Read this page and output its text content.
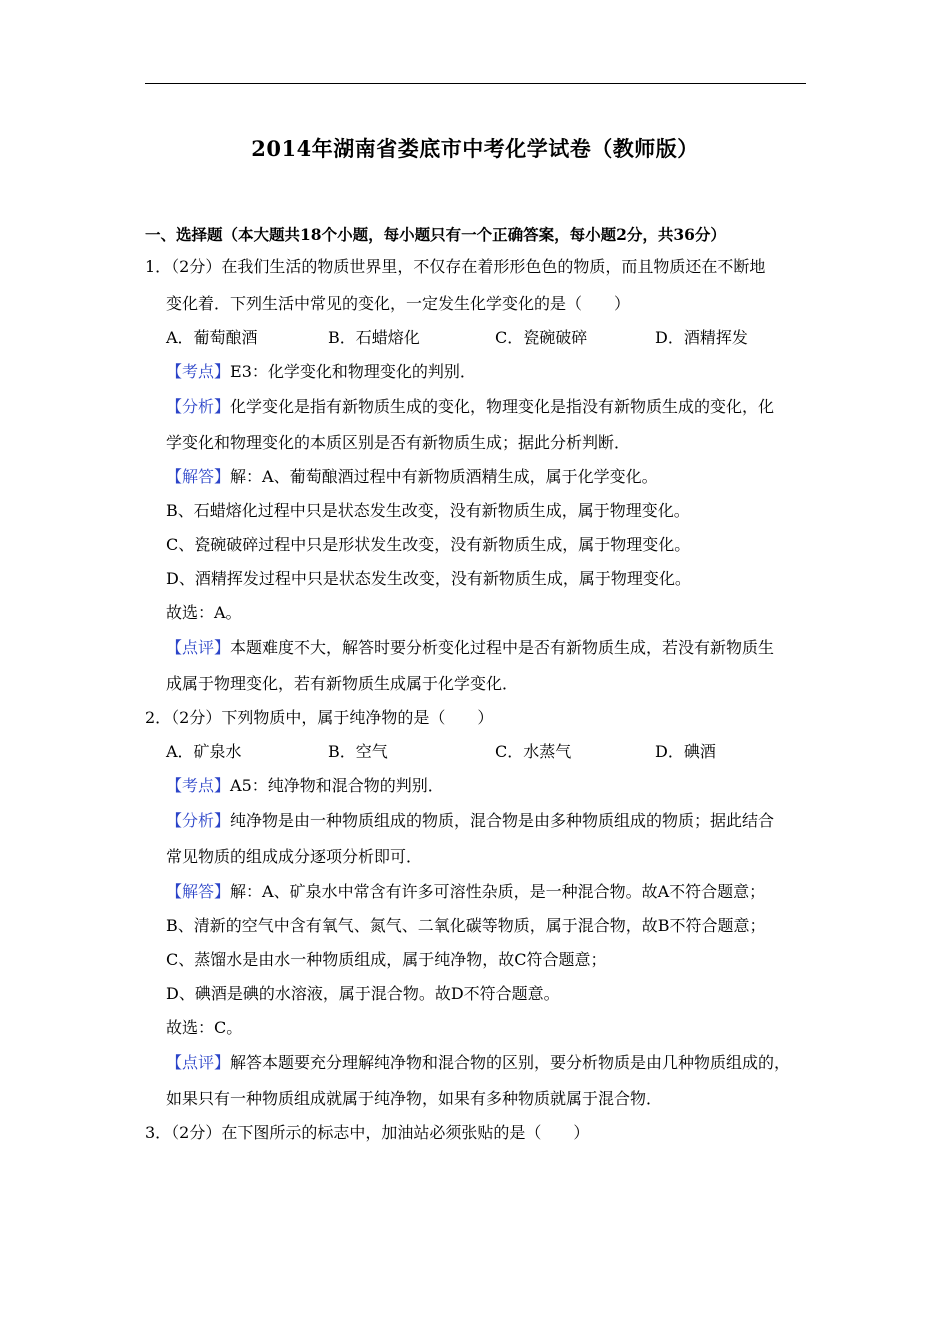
2014年湖南省娄底市中考化学试卷（教师版）
一、选择题（本大题共18个小题，每小题只有一个正确答案，每小题2分，共36分）
1．（2分）在我们生活的物质世界里，不仅存在着形形色色的物质，而且物质还在不断地
变化着．下列生活中常见的变化，一定发生化学变化的是（　　）
A．葡萄酿酒	B．石蜡熔化	C．瓷碗破碎	D．酒精挥发
【考点】E3：化学变化和物理变化的判别．
【分析】化学变化是指有新物质生成的变化，物理变化是指没有新物质生成的变化，化
学变化和物理变化的本质区别是否有新物质生成；据此分析判断．
【解答】解：A、葡萄酿酒过程中有新物质酒精生成，属于化学变化。
B、石蜡熔化过程中只是状态发生改变，没有新物质生成，属于物理变化。
C、瓷碗破碎过程中只是形状发生改变，没有新物质生成，属于物理变化。
D、酒精挥发过程中只是状态发生改变，没有新物质生成，属于物理变化。
故选：A。
【点评】本题难度不大，解答时要分析变化过程中是否有新物质生成，若没有新物质生
成属于物理变化，若有新物质生成属于化学变化．
2．（2分）下列物质中，属于纯净物的是（　　）
A．矿泉水	B．空气	C．水蒸气	D．碘酒
【考点】A5：纯净物和混合物的判别．
【分析】纯净物是由一种物质组成的物质，混合物是由多种物质组成的物质；据此结合
常见物质的组成成分逐项分析即可．
【解答】解：A、矿泉水中常含有许多可溶性杂质，是一种混合物。故A不符合题意；
B、清新的空气中含有氧气、氮气、二氧化碳等物质，属于混合物，故B不符合题意；
C、蒸馏水是由水一种物质组成，属于纯净物，故C符合题意；
D、碘酒是碘的水溶液，属于混合物。故D不符合题意。
故选：C。
【点评】解答本题要充分理解纯净物和混合物的区别，要分析物质是由几种物质组成的，
如果只有一种物质组成就属于纯净物，如果有多种物质就属于混合物．
3．（2分）在下图所示的标志中，加油站必须张贴的是（　　）
